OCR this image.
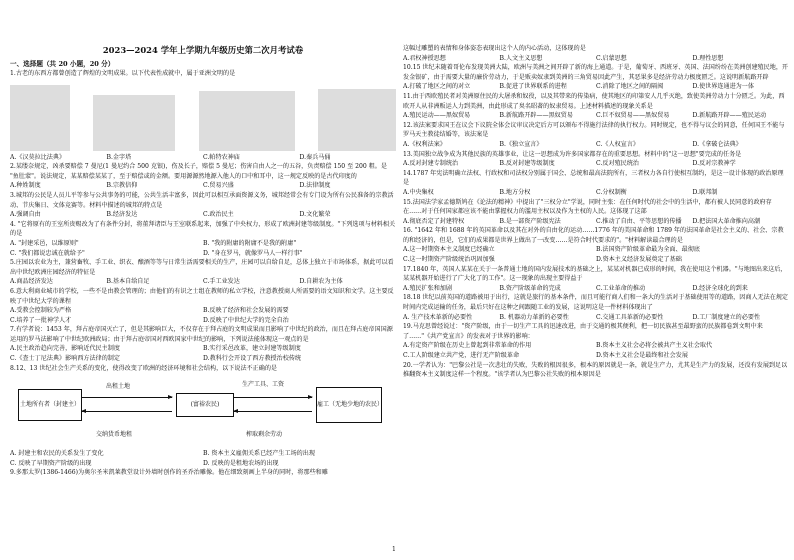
2023—2024 学年上学期九年级历史第二次月考试卷
一、选择题（共 20 小题，20 分）

1.古老的东西方都曾创造了辉煌的文明成果。以下代表性成就中，属于亚洲文明的是

A.《汉莫拉比法典》	B.金字塔	C.帕特农神庙	D.秦兵马俑

2.某缕奈规定，凶杀要赔偿 7 曼尼(1 曼尼约合 500 克银)，伤及长子，赔偿 5 曼尼；伤害自由人之一的五谷，负责赔偿 150 至 200 粗。是 "鱼肚蒙"。说法规定，某某赔偿某某了，至于赔偿或的金额。要用源源然地源入他人的口中和耳中，这一规定反映的是古代印度的

A.种姓制度	B.宗教信仰	C.贸易兴盛	D.法律制度

3.城邦的公民是人员儿平等参与公共事务的可能，公共生活丰富多，因此可以相互承面资源义务，城邦经常会有专门设为所有公民准备的宗教活动、节庆集日、文体竞赛等。材料中描述的城邦的特点是

A.强调自由	B.经济发达	C.政治民主	D.文化繁荣

4. "它将原有的王室所贵赐改为了有条件分封，将董拜诸臣与王室联系起来，加强了中央权力，形成了欧洲封建等级制度。"下列选项与材料相关的是

A. "封建采邑，以维原则"	B. "我的附庸的附庸不是我的附庸"
C. "我们都说忠诚在就给予"	D. "身在罗马，就像罗马人一样行事"

5.庄园以农业为主，兼营畜牧、手工业、织衣、酿酒等等与日常生活需要相关的生产，庄园可以自给自足，总体上独立于市场体系，据此可以看出中世纪欧洲庄园经济的特征是

A.商品经济发达	B.基本自给自足	C.手工业发达	D.自耕农为主体

6.意大利商业城市的学校，一些不是由教会管理的；由他们的有识之士组在教师的私立学校，注意教授商人所需要的语文知识和文学。这主要反映了中世纪大学的课程

A.受教会控制较为严格	B.反映了经济和社会发展的需要
C.培养了一批神学人才	D.反映了中世纪大学的完全自治

7.有学者说：1453 年，拜占庭帝国灭亡了，但是其影响巨大，不仅存在于拜占庭的文明成果而且影响了中世纪的政治，而且在拜占庭帝国国源运用的罗马法影响了中世纪欧洲政局；由于拜占庭帝国对西欧国家中世纪的影响，下列说法能体现这一观点的是

A.民主政治趋向完善，影响近代民主制度	B.实行采邑改革，建立封建等级制度
C.《查士丁尼法典》影响西方法律的制定	D.教科行会开设了西方教授治校传统

8.12、13 世纪社会生产关系的变化，使得改变了欧洲的经济环境和社会结构，以下说法不正确的是

土地所有者（封建主）	(富裕农民)	雇工（无地少地的农民）
出租土地	生产工具、工资
交纳货币地租	榨取剩余劳动
A. 封建主和农民的关系发生了变化	B. 资本主义雇佣关系已经产生工场的出现
C. 反映了早期资产阶级的出现	D. 反映的是租地农场的出现

9.多那太罗(1386-1466)为奥尔圣米凯莱教堂设计外墙时创作的圣乔治雕像。他在细致刻画上半身的同时，将那些和雕

这幅过雕塑的表情和身体姿态表现出这个人的内心活动，这体现的是

A.君权神授思想	B.人文主义思想	C.启蒙思想	D.理性思想

10.15 世纪末随着哥伦布发现美洲大陆，欧洲与美洲之间开辟了新的海上通道。于是，葡萄牙、西班牙、英国、法国纷纷在美洲创建殖民地，开发金银矿，由于需要大量的廉价劳动力，于是贩卖奴隶到美洲的三角贸易因此产生，其恶果多是经济劳动力极度匮乏。这说明新航路开辟

A.打破了地区之间的对立	B.促进了世界联系的进程	C.消除了地区之间的隔阂	D.使世界连通进为一体

11.由于西欧殖民者对美洲原住民的大屠杀和奴役，以及其带来的传染病，使其地区的印第安人几乎灭绝，致使美洲劳动力十分匮乏。为此，西欧开人从非洲贩运人力到美洲，由此形成了臭名昭著的奴隶贸易。上述材料描述的现象关系是

A.殖民运动——黑奴贸易	B.新航路开辟——黑奴贸易	C.巨不奴贸易——黑奴贸易	D.新航路开辟——殖民运动

12.该法案要求国王在议会下议院全体会议审议决定后方可以颁布不得施行法律的执行权力。同时规定，也不得与议会的同意，任何国王不能与罗马天主教徒结婚等，该法案是

A.《权利法案》	B.《独立宣言》	C.《人权宣言》	D.《拿破仑法典》

13.美国独立战争成为其他民族的英雄事业，让这一思想成为许多国家都存在的重要思想。材料中的"这一思想"要完成的任务是

A.反对封建专制统治	B.反对封建等级制度	C.反对殖民统治	D.反对宗教神学

14.1787 年宪法明确立法权、行政权和司法权分别属于国会、总统和最高法院所有，三者权力各自行使相互制约，是这一设计体现的政治原理是

A.中央集权	B.地方分权	C.分权制衡	D.联邦制

15.法国法学家孟德斯鸠在《论法的精神》中提出了"三权分立"学说，同时主张：在任何时代的社会中的生活中，都有被人民同意的政府存在……对于任何国家都应该不能由掌握权力的滥用主权以及作为主权的人民。这体现了这部

A.彻底否定了封建特权	B.是一部资产阶级宪法	C.推动了自由、平等思想的传播	D.把法国大革命推向高潮

16. "1642 年和 1688 年的英国革命以及其在对外的自由化的运动……1776 年的美国革命和 1789 年的法国革命是社会主义的、社会、宗教的和经济的，但是，它们的成果都是世界上做出了一改变……是符合时代要求的"。"材料解读最合理的是

A.这一时期资本主义制度已经确立	B.法国资产阶级革命最为全面、最彻底
C.这一时期资产阶级统治巩固加强	D.资本主义经济发展奠定了基础

17.1840 年，英国人某某在关于一条普通土地的国内发展技术的基础之上，某某对机器已成形的时间，我在使用这个机器。"与地图出来这后，某某机器开始进行了广大化了的工作"。这一现象的出现主要得益于

A.殖民扩张和加剧	B.资产阶级革命的完成	C.工业革命的推动	D.经济全球化的到来

18.18 世纪以前英国的道路被用于出行，这就是旅行的基本条件，而且可能行商人们和一条大的生活对于基础使用等的道路，因商人无法在规定时间内完成运输的任务，最后只好在这种之间跟随工业的发展，这说明这是一件材料体现出了

A. 生产技术革新的必要性	B. 机器动力革新的必要性	C.交通工具革新的必要性	D.工厂制度建立的必要性

19.马克思曾经说过："资产阶级，由于一切生产工具的迅速改进，由于交通的极其便利，把一切民族甚至最野蛮的民族都卷到文明中来了……"《共产党宣言》的发表对于世界的影响：

A.有定资产阶级在历史上曾起到非常革命的作用	B.资本主义社会必将会被共产主义社会取代
C.工人阶级建立共产党，进行无产阶级革命	D.资本主义社会是最终和社会发展

20.一学者认为："巴黎公社是一次悲壮的失败，失败的根因很多，根本的原因就是一条，就是生产力，尤其是生产力的发展，还没有发展到足以推翻资本主义制度这样一个程度。"该学者认为巴黎公社失败的根本原因是

1
